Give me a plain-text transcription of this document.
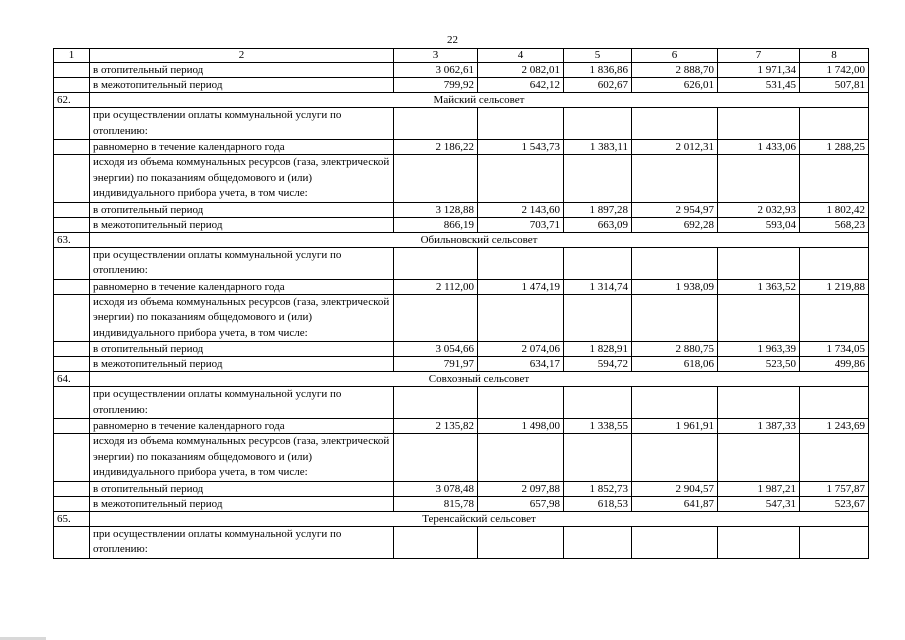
22
1	2	3	4	5	6	7	8
	в отопительный период	3 062,61	2 082,01	1 836,86	2 888,70	1 971,34	1 742,00
	в межотопительный период	799,92	642,12	602,67	626,01	531,45	507,81
62.	Майский сельсовет						
	при осуществлении оплаты коммунальной услуги по отоплению:						
	равномерно в течение календарного года	2 186,22	1 543,73	1 383,11	2 012,31	1 433,06	1 288,25
	исходя из объема коммунальных ресурсов (газа, электрической энергии) по показаниям общедомового и (или) индивидуального прибора учета, в том числе:						
	в отопительный период	3 128,88	2 143,60	1 897,28	2 954,97	2 032,93	1 802,42
	в межотопительный период	866,19	703,71	663,09	692,28	593,04	568,23
63.	Обильновский сельсовет						
	при осуществлении оплаты коммунальной услуги по отоплению:						
	равномерно в течение календарного года	2 112,00	1 474,19	1 314,74	1 938,09	1 363,52	1 219,88
	исходя из объема коммунальных ресурсов (газа, электрической энергии) по показаниям общедомового и (или) индивидуального прибора учета, в том числе:						
	в отопительный период	3 054,66	2 074,06	1 828,91	2 880,75	1 963,39	1 734,05
	в межотопительный период	791,97	634,17	594,72	618,06	523,50	499,86
64.	Совхозный сельсовет						
	при осуществлении оплаты коммунальной услуги по отоплению:						
	равномерно в течение календарного года	2 135,82	1 498,00	1 338,55	1 961,91	1 387,33	1 243,69
	исходя из объема коммунальных ресурсов (газа, электрической энергии) по показаниям общедомового и (или) индивидуального прибора учета, в том числе:						
	в отопительный период	3 078,48	2 097,88	1 852,73	2 904,57	1 987,21	1 757,87
	в межотопительный период	815,78	657,98	618,53	641,87	547,31	523,67
65.	Теренсайский сельсовет						
	при осуществлении оплаты коммунальной услуги по отоплению:						
